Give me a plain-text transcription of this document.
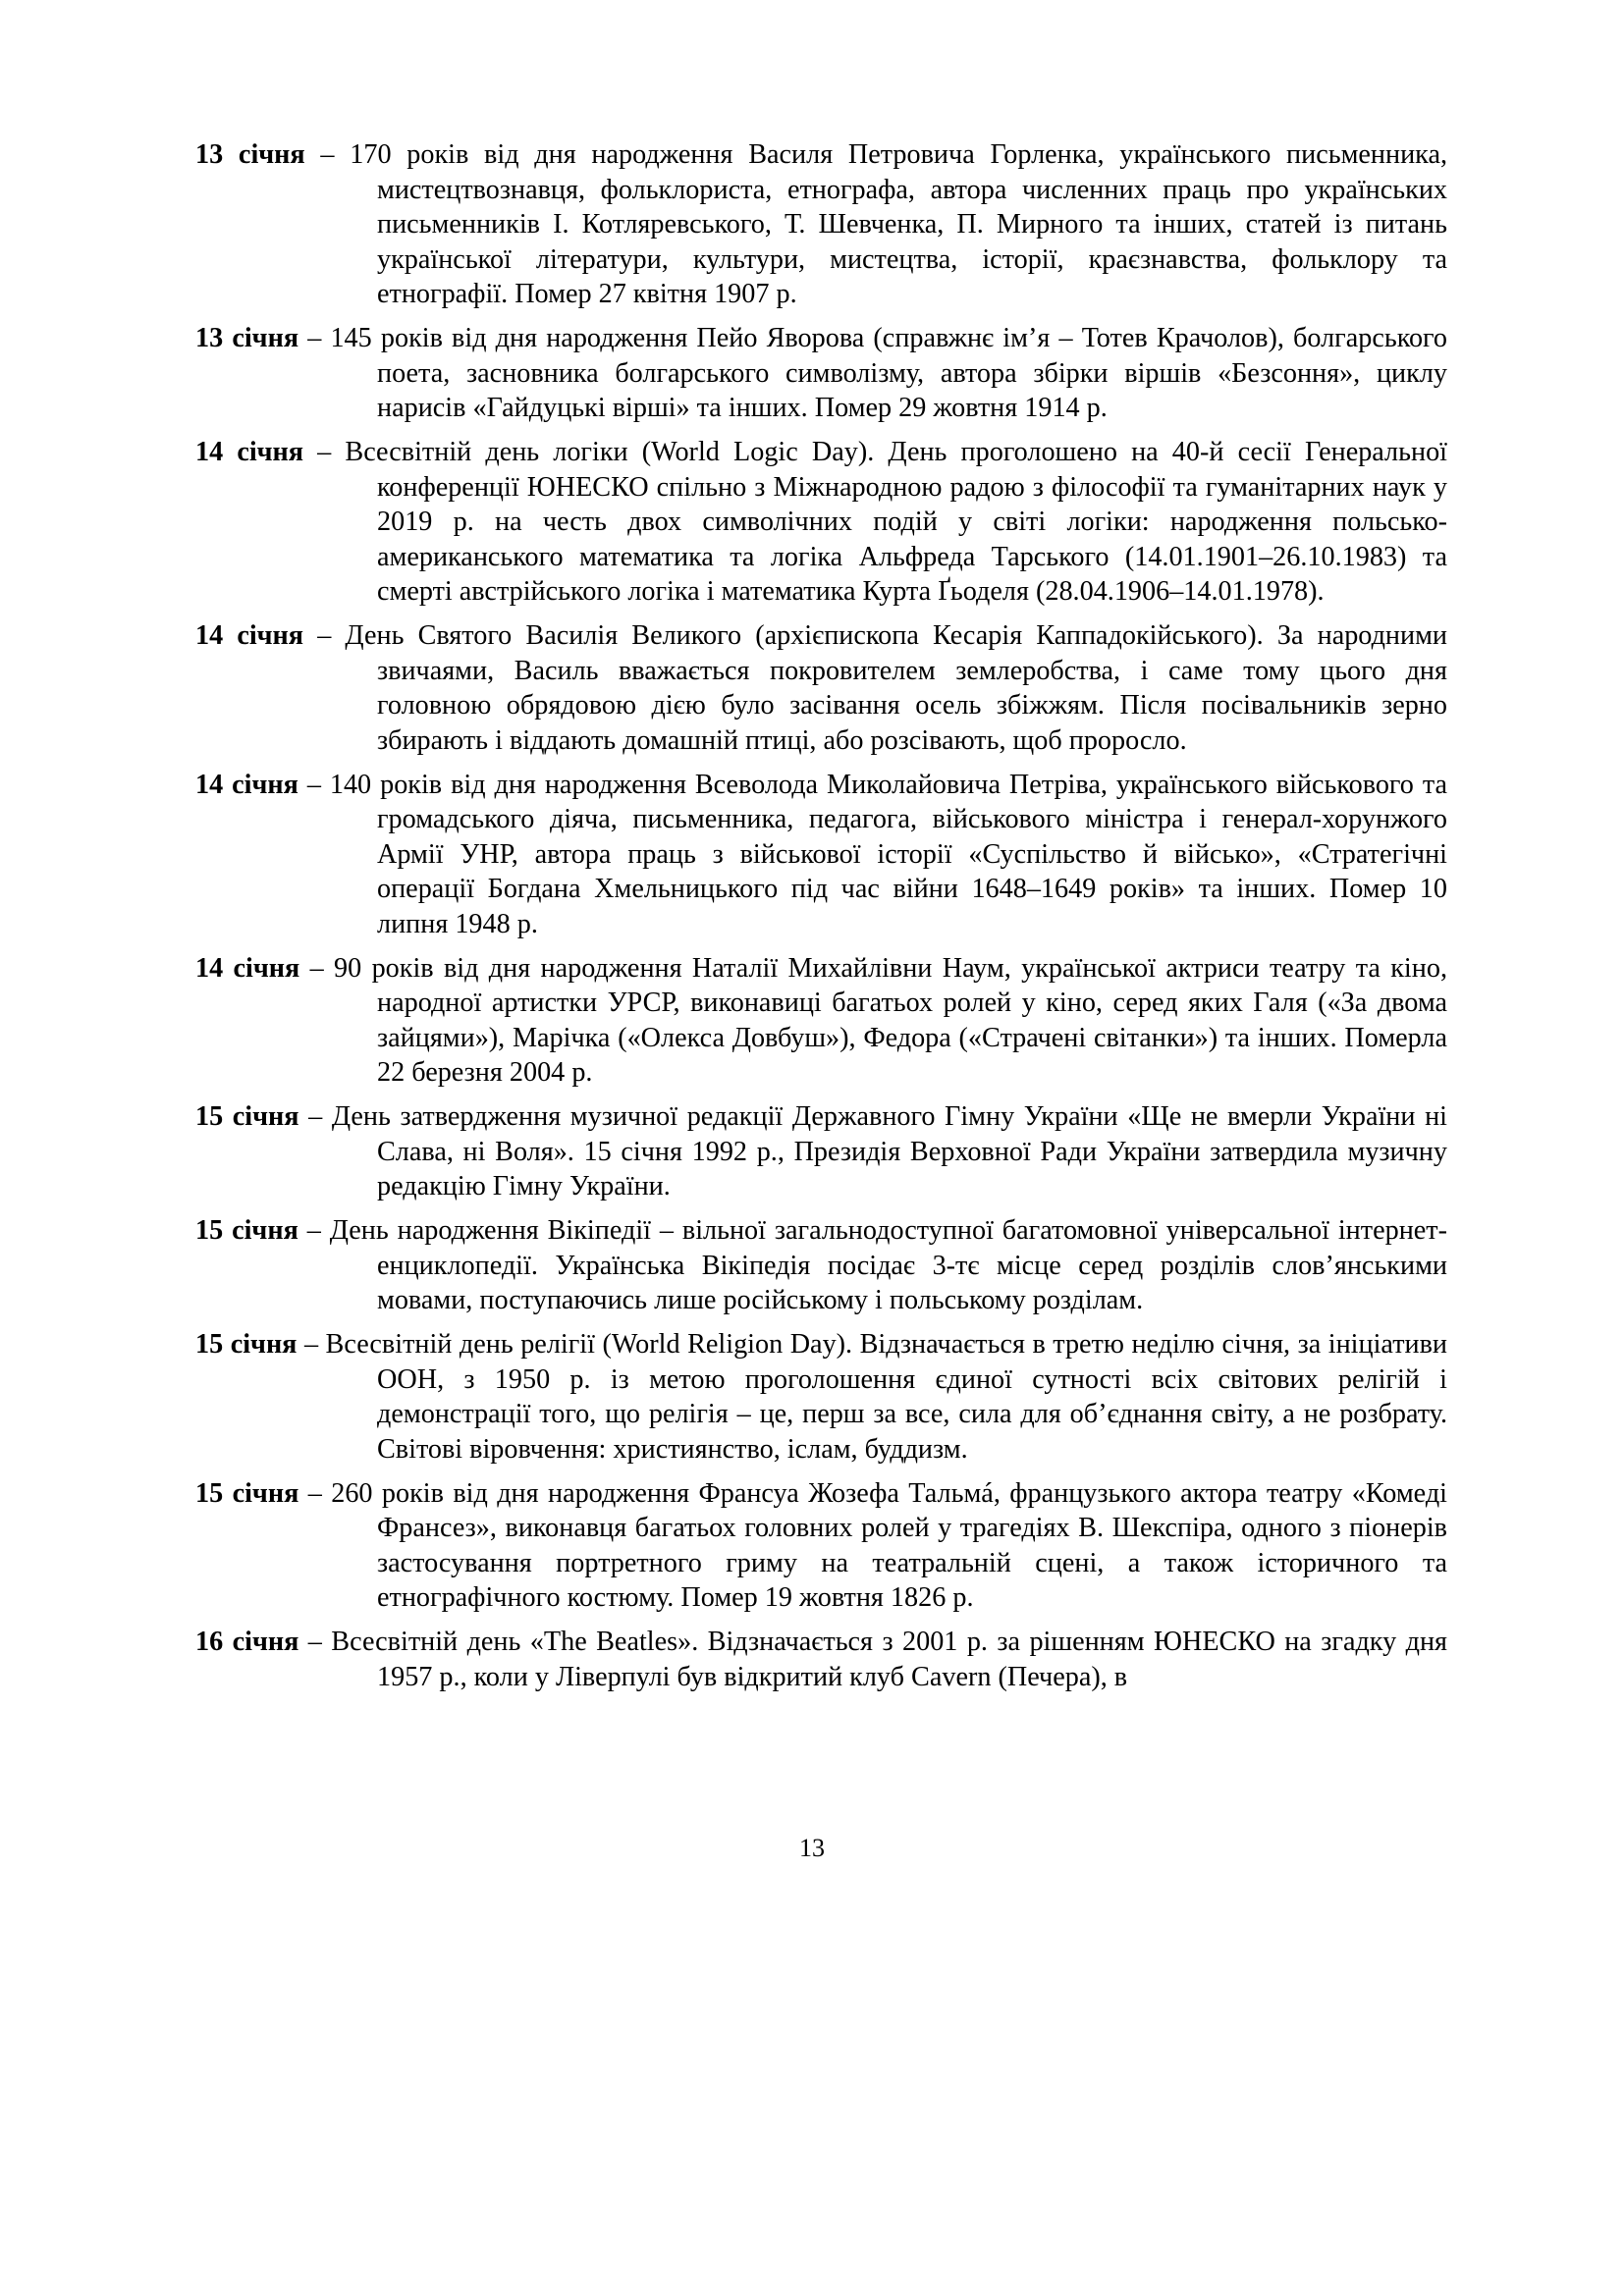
13 січня – 170 років від дня народження Василя Петровича Горленка, українського письменника, мистецтвознавця, фольклориста, етнографа, автора численних праць про українських письменників І. Котляревського, Т. Шевченка, П. Мирного та інших, статей із питань української літератури, культури, мистецтва, історії, краєзнавства, фольклору та етнографії. Помер 27 квітня 1907 р.

13 січня – 145 років від дня народження Пейо Яворова (справжнє ім’я – Тотев Крачолов), болгарського поета, засновника болгарського символізму, автора збірки віршів «Безсоння», циклу нарисів «Гайдуцькі вірші» та інших. Помер 29 жовтня 1914 р.

14 січня – Всесвітній день логіки (World Logic Day). День проголошено на 40-й сесії Генеральної конференції ЮНЕСКО спільно з Міжнародною радою з філософії та гуманітарних наук у 2019 р. на честь двох символічних подій у світі логіки: народження польсько-американського математика та логіка Альфреда Тарського (14.01.1901–26.10.1983) та смерті австрійського логіка і математика Курта Ґьоделя (28.04.1906–14.01.1978).

14 січня – День Святого Василія Великого (архієпископа Кесарія Каппадокійського). За народними звичаями, Василь вважається покровителем землеробства, і саме тому цього дня головною обрядовою дією було засівання осель збіжжям. Після посівальників зерно збирають і віддають домашній птиці, або розсівають, щоб проросло.

14 січня – 140 років від дня народження Всеволода Миколайовича Петріва, українського військового та громадського діяча, письменника, педагога, військового міністра і генерал-хорунжого Армії УНР, автора праць з військової історії «Суспільство й військо», «Стратегічні операції Богдана Хмельницького під час війни 1648–1649 років» та інших. Помер 10 липня 1948 р.

14 січня – 90 років від дня народження Наталії Михайлівни Наум, української актриси театру та кіно, народної артистки УРСР, виконавиці багатьох ролей у кіно, серед яких Галя («За двома зайцями»), Марічка («Олекса Довбуш»), Федора («Страчені світанки») та інших. Померла 22 березня 2004 р.

15 січня – День затвердження музичної редакції Державного Гімну України «Ще не вмерли України ні Слава, ні Воля». 15 січня 1992 р., Президія Верховної Ради України затвердила музичну редакцію Гімну України.

15 січня – День народження Вікіпедії – вільної загальнодоступної багатомовної універсальної інтернет-енциклопедії. Українська Вікіпедія посідає 3-тє місце серед розділів слов’янськими мовами, поступаючись лише російському і польському розділам.

15 січня – Всесвітній день релігії (World Religion Day). Відзначається в третю неділю січня, за ініціативи ООН, з 1950 р. із метою проголошення єдиної сутності всіх світових релігій і демонстрації того, що релігія – це, перш за все, сила для об’єднання світу, а не розбрату. Світові віровчення: християнство, іслам, буддизм.

15 січня – 260 років від дня народження Франсуа Жозефа Тальмá, французького актора театру «Комеді Франсез», виконавця багатьох головних ролей у трагедіях В. Шекспіра, одного з піонерів застосування портретного гриму на театральній сцені, а також історичного та етнографічного костюму. Помер 19 жовтня 1826 р.

16 січня – Всесвітній день «The Beatles». Відзначається з 2001 р. за рішенням ЮНЕСКО на згадку дня 1957 р., коли у Ліверпулі був відкритий клуб Cavern (Печера), в

13
